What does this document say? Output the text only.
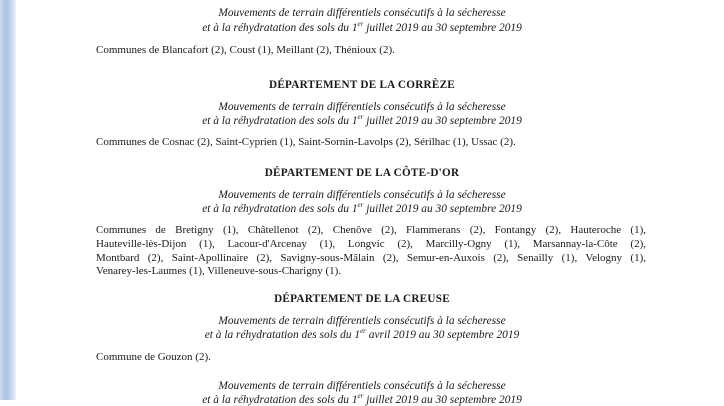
Mouvements de terrain différentiels consécutifs à la sécheresse
et à la réhydratation des sols du 1er juillet 2019 au 30 septembre 2019
Communes de Blancafort (2), Coust (1), Meillant (2), Thénioux (2).
DÉPARTEMENT DE LA CORRÈZE
Mouvements de terrain différentiels consécutifs à la sécheresse
et à la réhydratation des sols du 1er juillet 2019 au 30 septembre 2019
Communes de Cosnac (2), Saint-Cyprien (1), Saint-Sornin-Lavolps (2), Sérilhac (1), Ussac (2).
DÉPARTEMENT DE LA CÔTE-D'OR
Mouvements de terrain différentiels consécutifs à la sécheresse
et à la réhydratation des sols du 1er juillet 2019 au 30 septembre 2019
Communes de Bretigny (1), Châtellenot (2), Chenôve (2), Flammerans (2), Fontangy (2), Hauteroche (1),
Hauteville-lès-Dijon (1), Lacour-d'Arcenay (1), Longvic (2), Marcilly-Ogny (1), Marsannay-la-Côte (2),
Montbard (2), Saint-Apollinaire (2), Savigny-sous-Mâlain (2), Semur-en-Auxois (2), Senailly (1), Velogny (1),
Venarey-les-Laumes (1), Villeneuve-sous-Charigny (1).
DÉPARTEMENT DE LA CREUSE
Mouvements de terrain différentiels consécutifs à la sécheresse
et à la réhydratation des sols du 1er avril 2019 au 30 septembre 2019
Commune de Gouzon (2).
Mouvements de terrain différentiels consécutifs à la sécheresse
et à la réhydratation des sols du 1er juillet 2019 au 30 septembre 2019
